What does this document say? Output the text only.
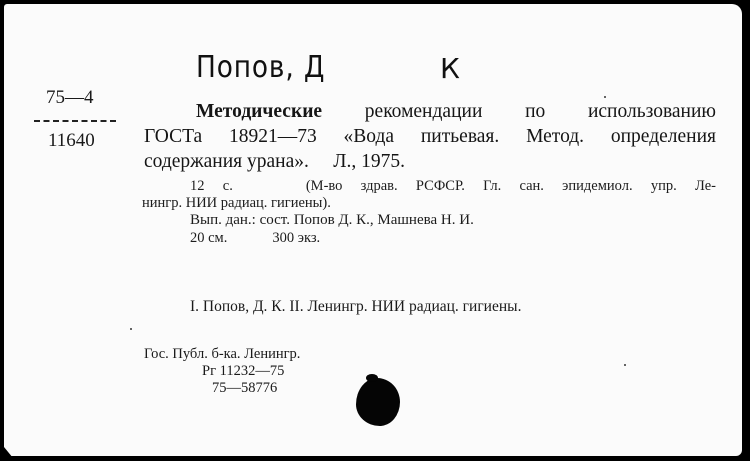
Попов, Д	К
75—4
11640
Методические рекомендации по использованию
ГОСТа 18921—73 «Вода питьевая. Метод. определения
содержания урана».     Л., 1975.
12 с.    (М-во здрав. РСФСР. Гл. сан. эпидемиол. упр. Ле-
нингр. НИИ радиац. гигиены).
Вып. дан.: сост. Попов Д. К., Машнева Н. И.
20 см.	300 экз.
I. Попов, Д. К. II. Ленингр. НИИ радиац. гигиены.
Гос. Публ. б-ка. Ленингр.
Рг 11232—75
75—58776
